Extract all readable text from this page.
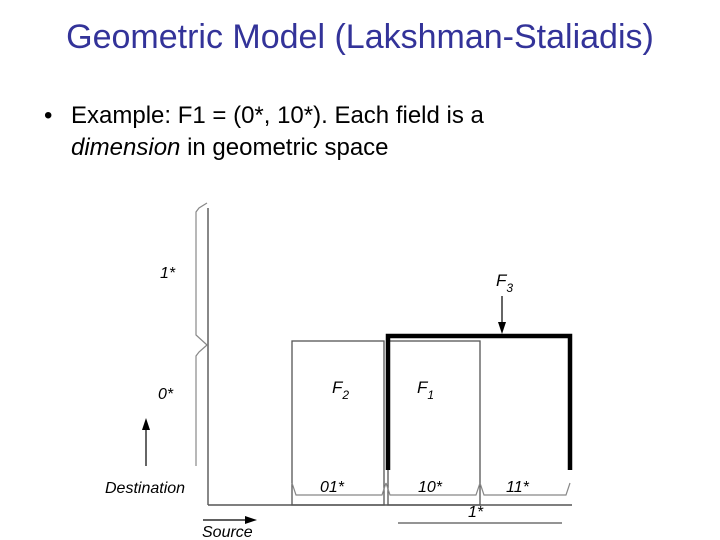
Geometric Model (Lakshman-Staliadis)
• Example: F1 = (0*, 10*). Each field is a
dimension in geometric space
1*
0*
Destination
Source
$F_3$
$F_2$	$F_1$
01*	10*	11*
1*
